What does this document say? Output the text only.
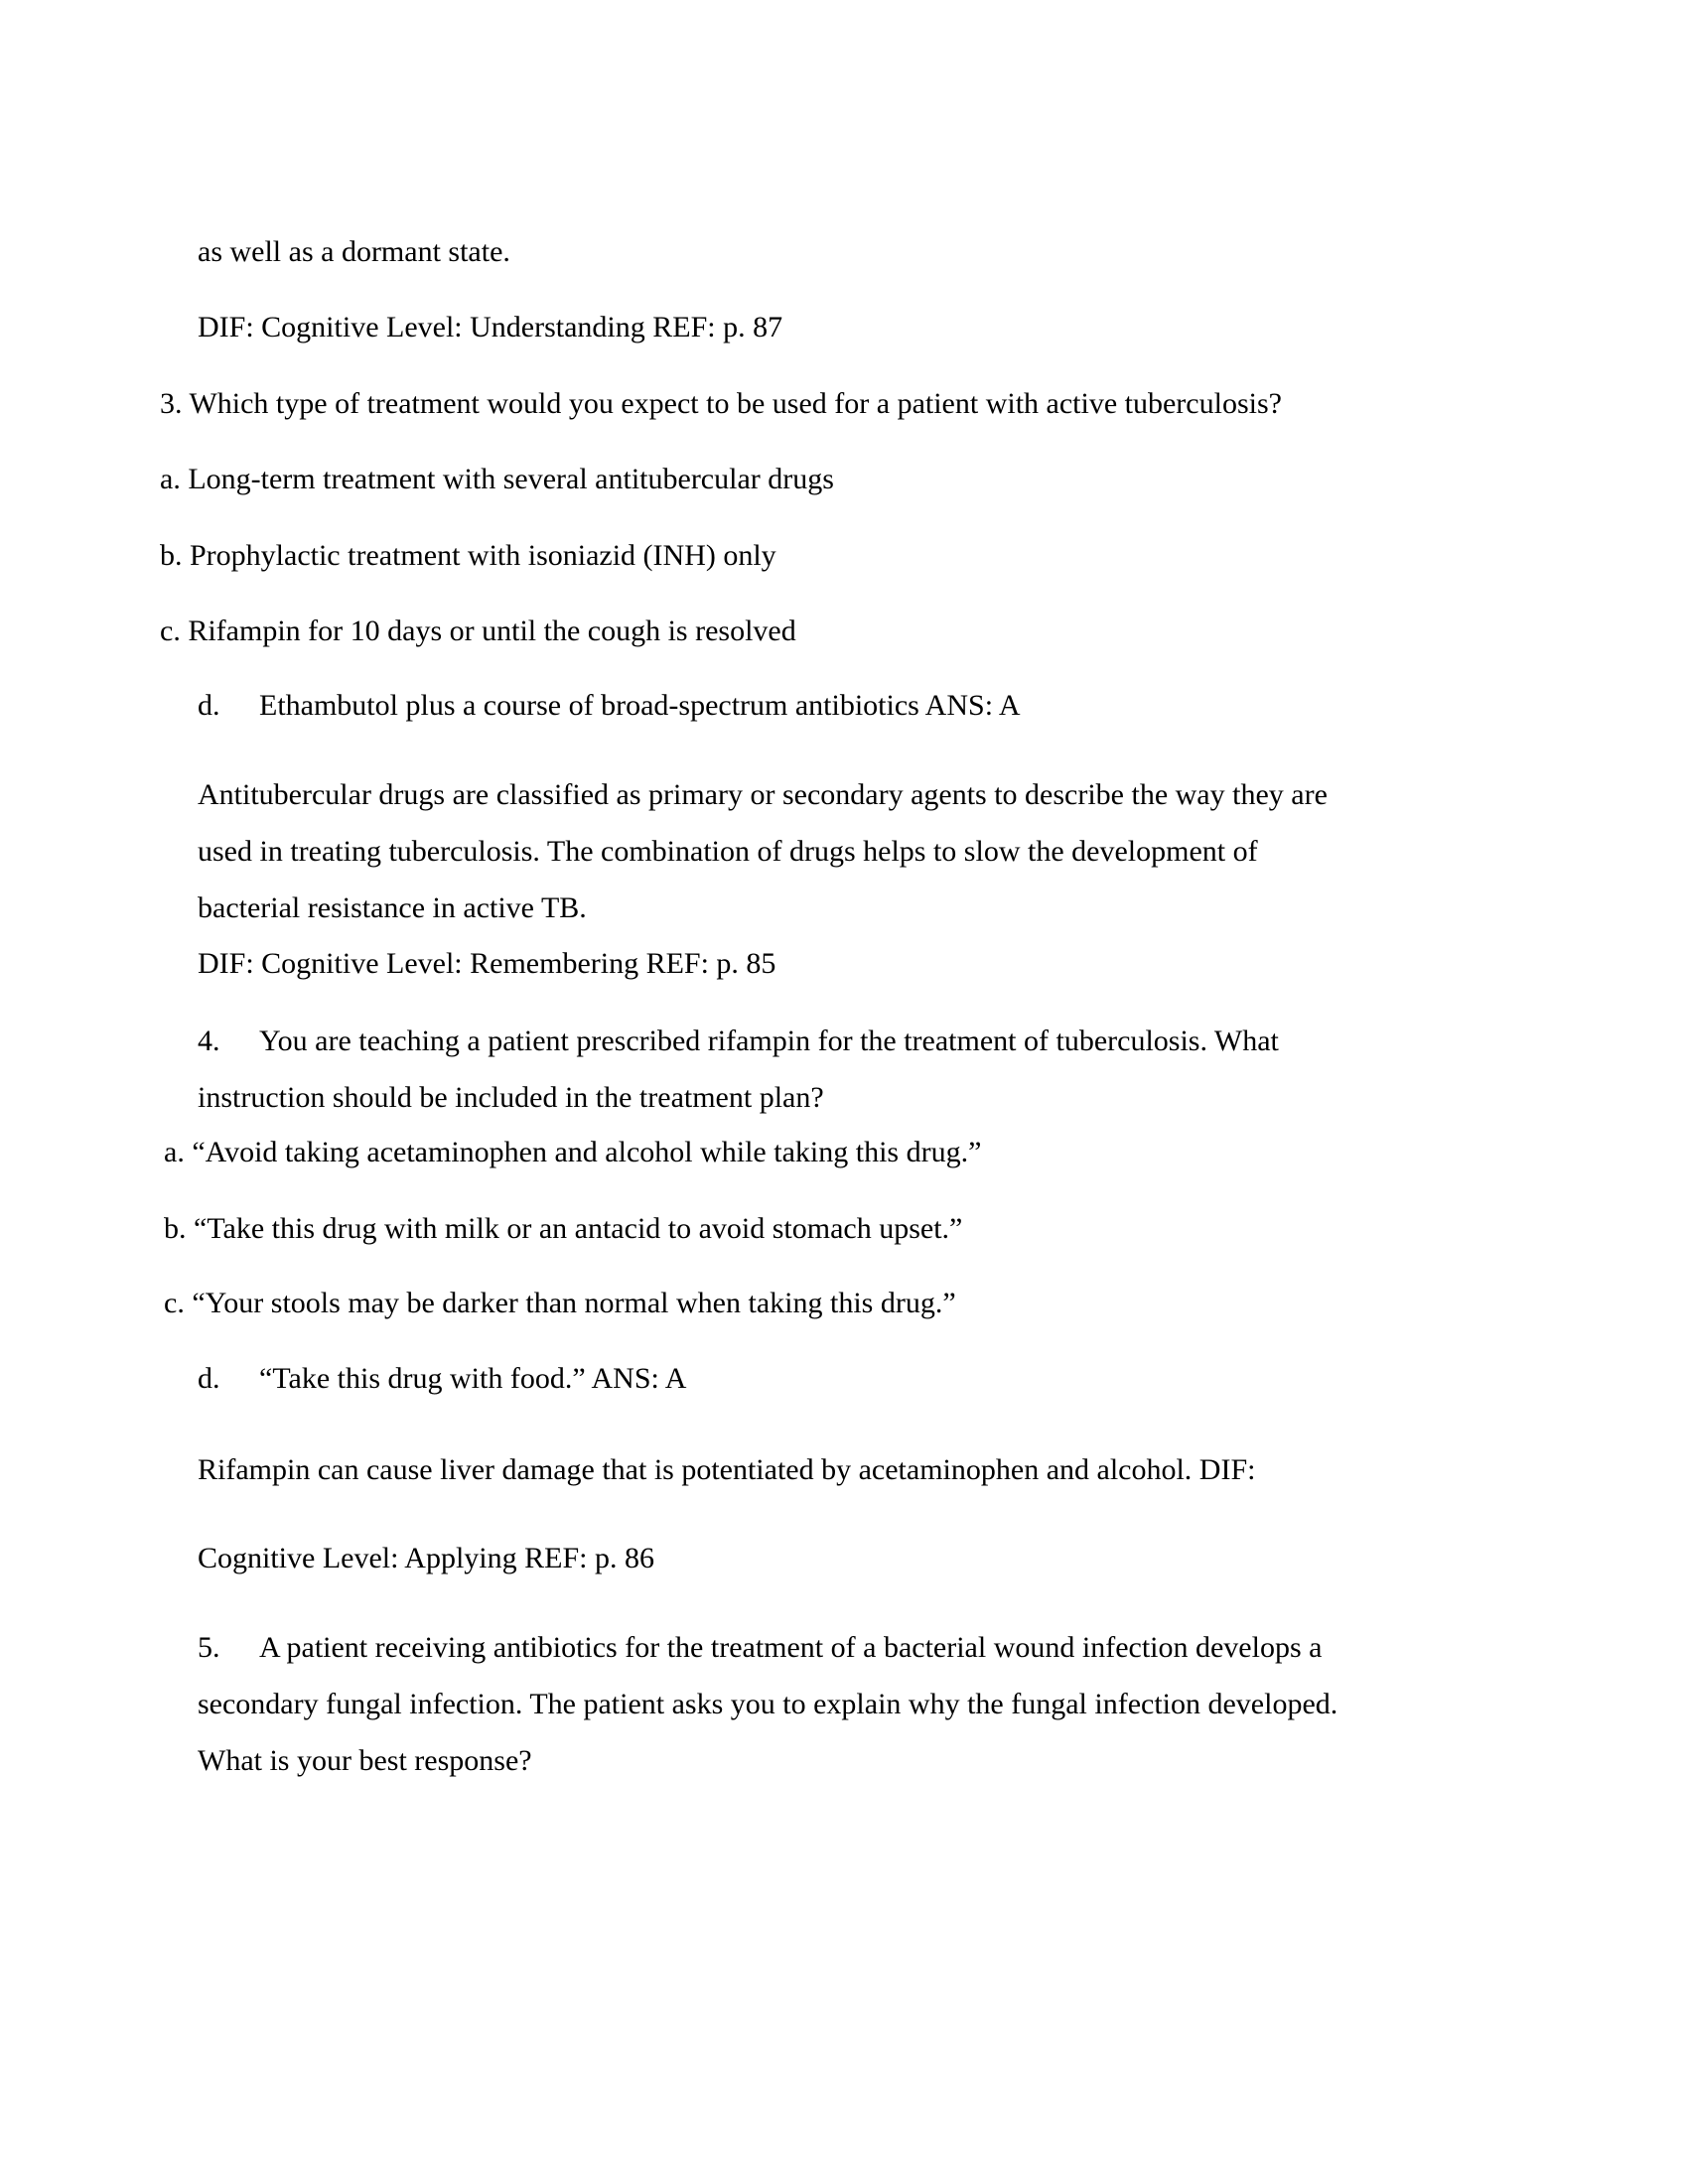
as well as a dormant state.
DIF: Cognitive Level: Understanding REF: p. 87
3. Which type of treatment would you expect to be used for a patient with active tuberculosis?
a. Long-term treatment with several antitubercular drugs
b. Prophylactic treatment with isoniazid (INH) only
c. Rifampin for 10 days or until the cough is resolved
d. Ethambutol plus a course of broad-spectrum antibiotics ANS: A
Antitubercular drugs are classified as primary or secondary agents to describe the way they are
used in treating tuberculosis. The combination of drugs helps to slow the development of
bacterial resistance in active TB.
DIF: Cognitive Level: Remembering REF: p. 85
4. You are teaching a patient prescribed rifampin for the treatment of tuberculosis. What
instruction should be included in the treatment plan?
a. “Avoid taking acetaminophen and alcohol while taking this drug.”
b. “Take this drug with milk or an antacid to avoid stomach upset.”
c. “Your stools may be darker than normal when taking this drug.”
d. “Take this drug with food.” ANS: A
Rifampin can cause liver damage that is potentiated by acetaminophen and alcohol. DIF:
Cognitive Level: Applying REF: p. 86
5. A patient receiving antibiotics for the treatment of a bacterial wound infection develops a
secondary fungal infection. The patient asks you to explain why the fungal infection developed.
What is your best response?
